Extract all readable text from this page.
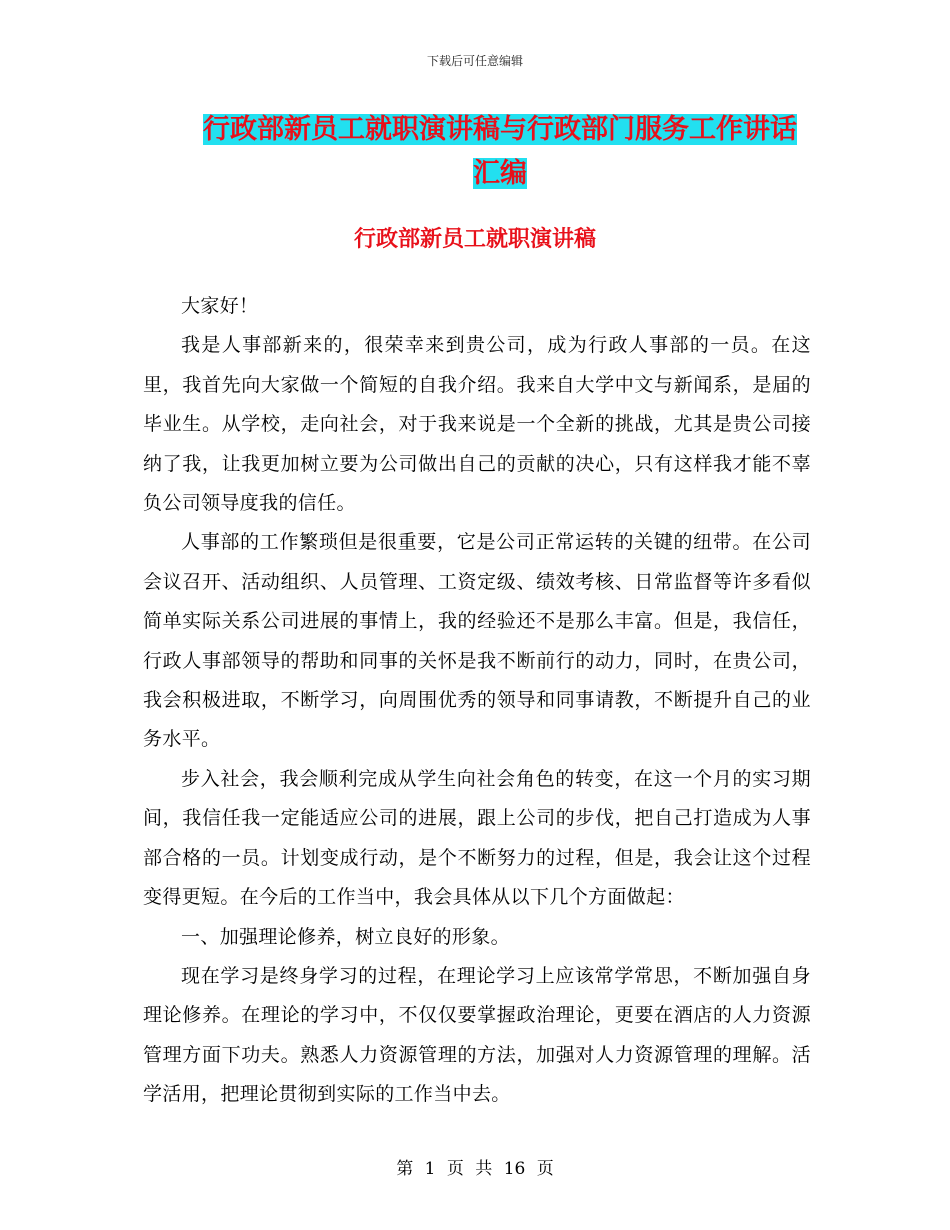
下载后可任意编辑
行政部新员工就职演讲稿与行政部门服务工作讲话汇编
行政部新员工就职演讲稿

大家好！

我是人事部新来的，很荣幸来到贵公司，成为行政人事部的一员。在这里，我首先向大家做一个简短的自我介绍。我来自大学中文与新闻系，是届的毕业生。从学校，走向社会，对于我来说是一个全新的挑战，尤其是贵公司接纳了我，让我更加树立要为公司做出自己的贡献的决心，只有这样我才能不辜负公司领导度我的信任。

人事部的工作繁琐但是很重要，它是公司正常运转的关键的纽带。在公司会议召开、活动组织、人员管理、工资定级、绩效考核、日常监督等许多看似简单实际关系公司进展的事情上，我的经验还不是那么丰富。但是，我信任，行政人事部领导的帮助和同事的关怀是我不断前行的动力，同时，在贵公司，我会积极进取，不断学习，向周围优秀的领导和同事请教，不断提升自己的业务水平。

步入社会，我会顺利完成从学生向社会角色的转变，在这一个月的实习期间，我信任我一定能适应公司的进展，跟上公司的步伐，把自己打造成为人事部合格的一员。计划变成行动，是个不断努力的过程，但是，我会让这个过程变得更短。在今后的工作当中，我会具体从以下几个方面做起：

一、加强理论修养，树立良好的形象。

现在学习是终身学习的过程，在理论学习上应该常学常思，不断加强自身理论修养。在理论的学习中，不仅仅要掌握政治理论，更要在酒店的人力资源管理方面下功夫。熟悉人力资源管理的方法，加强对人力资源管理的理解。活学活用，把理论贯彻到实际的工作当中去。

第 1 页 共 16 页
